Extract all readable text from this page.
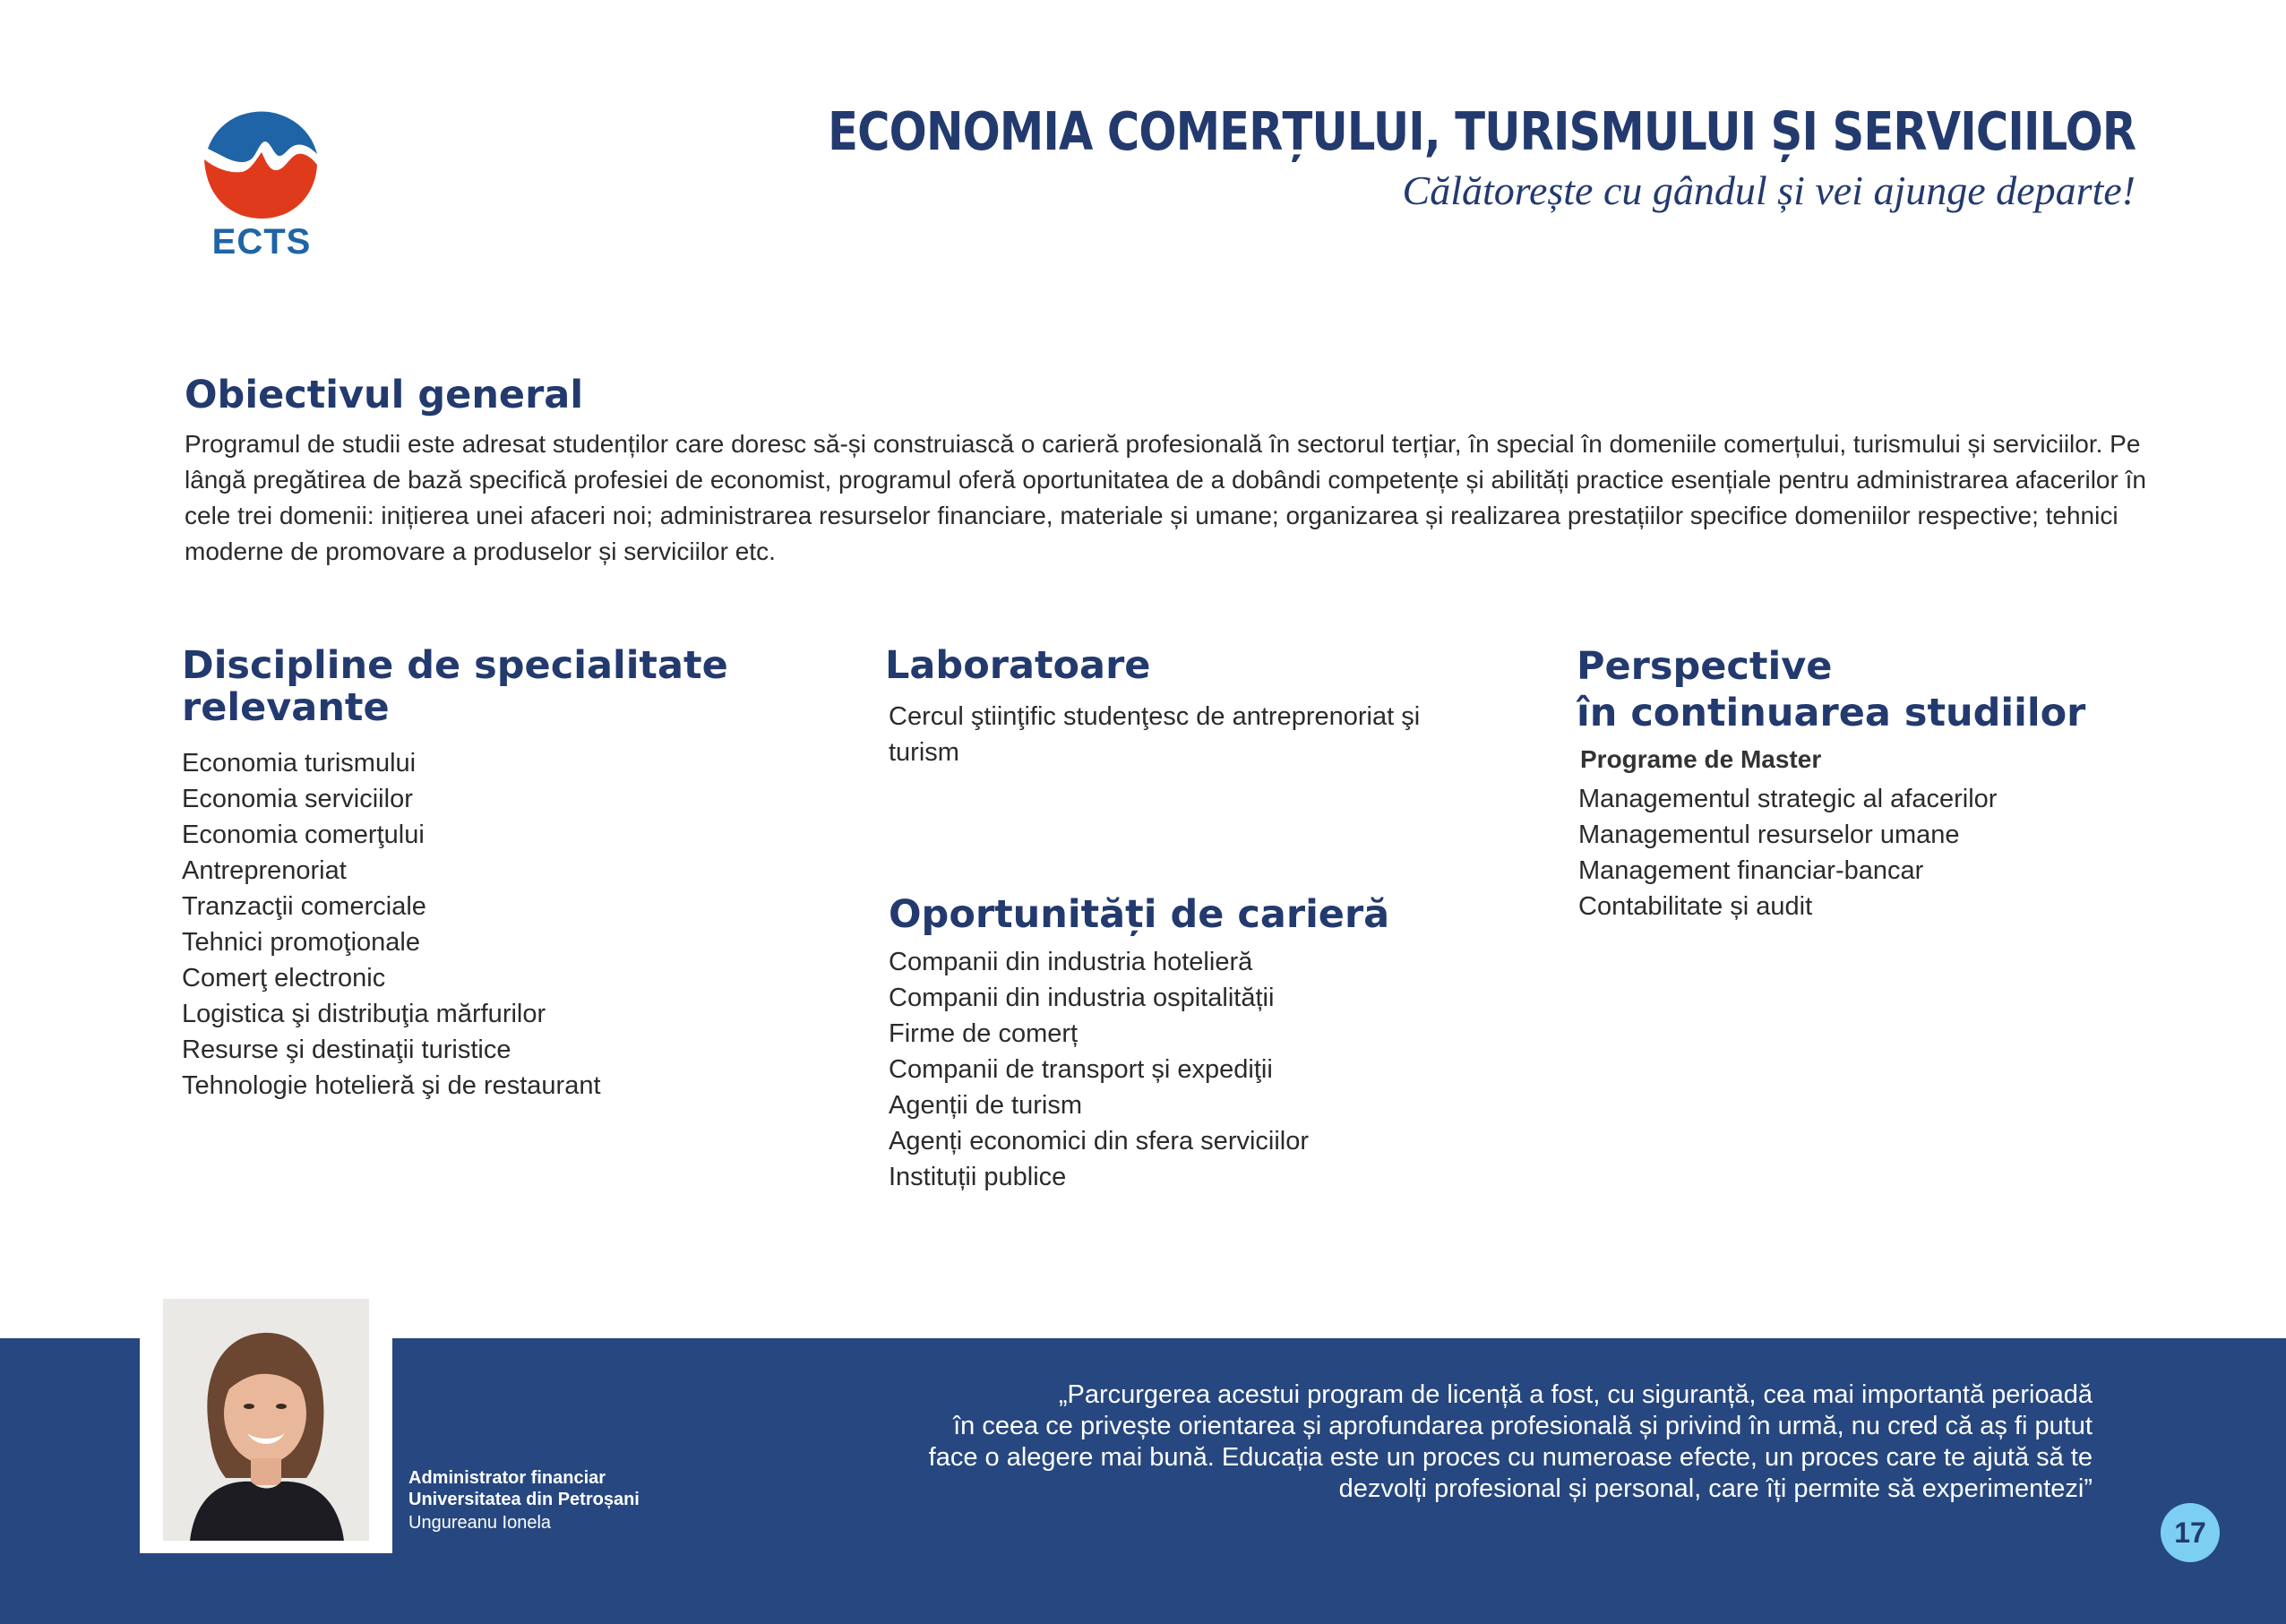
ECTS
ECONOMIA COMERȚULUI, TURISMULUI ȘI SERVICIILOR
Călătorește cu gândul și vei ajunge departe!
Obiectivul general
Programul de studii este adresat studenților care doresc să-și construiască o carieră profesională în sectorul terțiar, în special în domeniile comerțului, turismului și serviciilor. Pe lângă pregătirea de bază specifică profesiei de economist, programul oferă oportunitatea de a dobândi competențe și abilități practice esențiale pentru administrarea afacerilor în cele trei domenii: inițierea unei afaceri noi; administrarea resurselor financiare, materiale și umane; organizarea și realizarea prestațiilor specifice domeniilor respective; tehnici moderne de promovare a produselor și serviciilor etc.
Discipline de specialitate
relevante
Economia turismului
Economia serviciilor
Economia comerţului
Antreprenoriat
Tranzacţii comerciale
Tehnici promoţionale
Comerţ electronic
Logistica şi distribuţia mărfurilor
Resurse şi destinaţii turistice
Tehnologie hotelieră şi de restaurant
Laboratoare
Cercul ştiinţific studenţesc de antreprenoriat şi turism
Oportunități de carieră
Companii din industria hotelieră
Companii din industria ospitalității
Firme de comerț
Companii de transport și expediţii
Agenții de turism
Agenți economici din sfera serviciilor
Instituții publice
Perspective
în continuarea studiilor
Programe de Master
Managementul strategic al afacerilor
Managementul resurselor umane
Management financiar-bancar
Contabilitate și audit
Administrator financiar
Universitatea din Petroșani
Ungureanu Ionela
„Parcurgerea acestui program de licență a fost, cu siguranță, cea mai importantă perioadă
în ceea ce privește orientarea și aprofundarea profesională și privind în urmă, nu cred că aș fi putut
face o alegere mai bună. Educația este un proces cu numeroase efecte, un proces care te ajută să te
dezvolți profesional și personal, care îți permite să experimentezi”
17
